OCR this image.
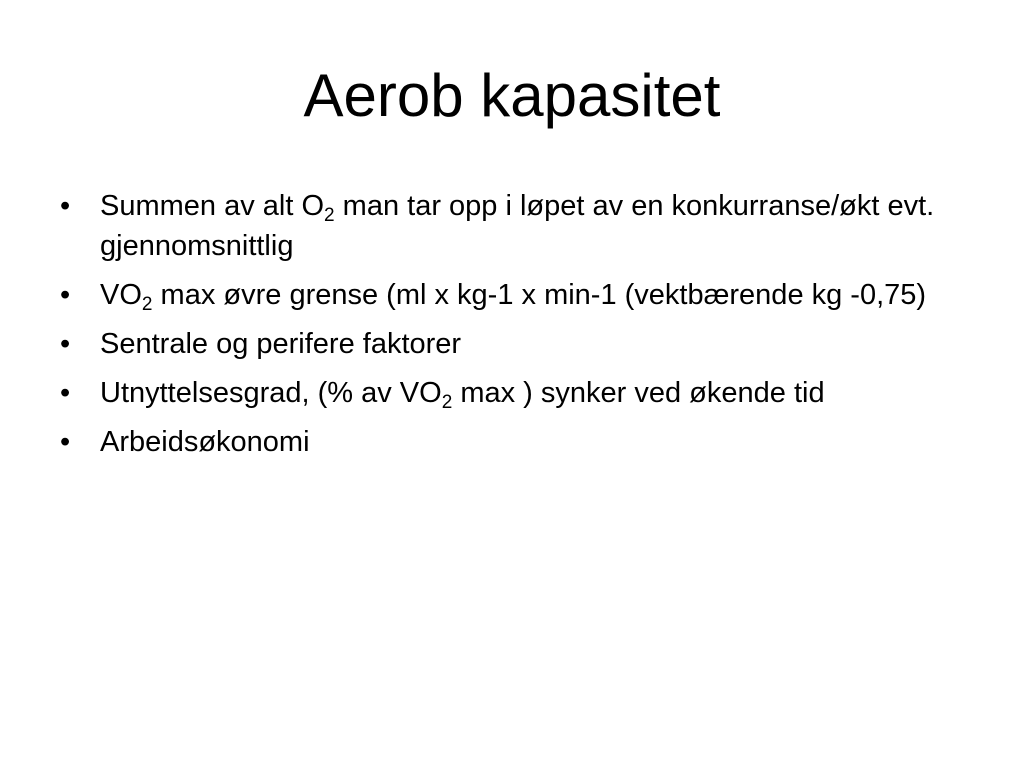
Aerob kapasitet
•	Summen av alt $O_2$ man tar opp i løpet av en konkurranse/økt evt. gjennomsnittlig
•	$VO_2$ max øvre grense (ml x kg-1 x min-1 (vektbærende kg -0,75)
•	Sentrale og perifere faktorer
•	Utnyttelsesgrad, (% av $VO_2$ max ) synker ved økende tid
•	Arbeidsøkonomi
